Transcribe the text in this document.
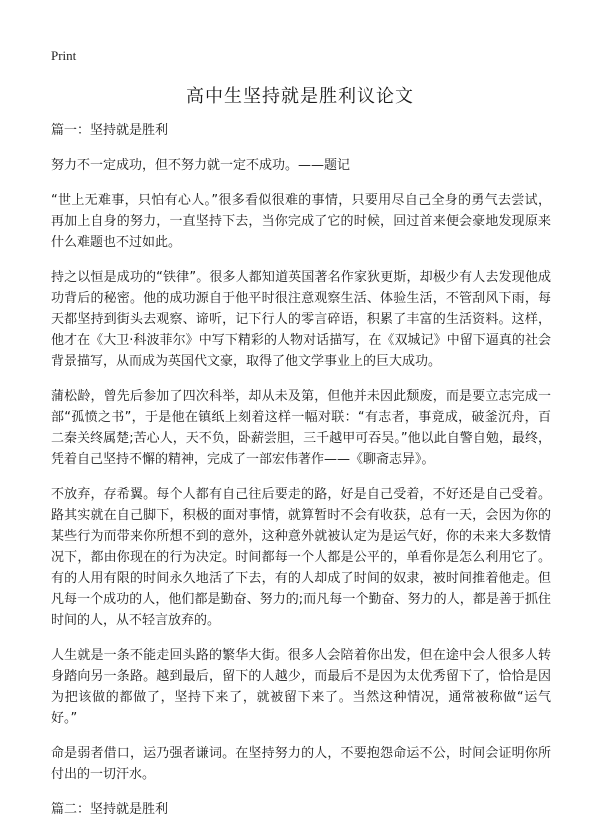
Print
高中生坚持就是胜利议论文

篇一：坚持就是胜利

努力不一定成功，但不努力就一定不成功。——题记

“世上无难事，只怕有心人。”很多看似很难的事情，只要用尽自己全身的勇气去尝试，再加上自身的努力，一直坚持下去，当你完成了它的时候，回过首来便会豪地发现原来什么难题也不过如此。

持之以恒是成功的“铁律”。很多人都知道英国著名作家狄更斯，却极少有人去发现他成功背后的秘密。他的成功源自于他平时很注意观察生活、体验生活，不管刮风下雨，每天都坚持到街头去观察、谛听，记下行人的零言碎语，积累了丰富的生活资料。这样，他才在《大卫·科波菲尔》中写下精彩的人物对话描写，在《双城记》中留下逼真的社会背景描写，从而成为英国代文豪，取得了他文学事业上的巨大成功。

蒲松龄，曾先后参加了四次科举，却从未及第，但他并未因此颓废，而是要立志完成一部“孤愤之书”，于是他在镇纸上刻着这样一幅对联：“有志者，事竟成，破釜沉舟，百二秦关终属楚;苦心人，天不负，卧薪尝胆，三千越甲可吞吴。”他以此自警自勉，最终，凭着自己坚持不懈的精神，完成了一部宏伟著作——《聊斋志异》。

不放弃，存希翼。每个人都有自己往后要走的路，好是自己受着，不好还是自己受着。路其实就在自己脚下，积极的面对事情，就算暂时不会有收获，总有一天，会因为你的某些行为而带来你所想不到的意外，这种意外就被认定为是运气好，你的未来大多数情况下，都由你现在的行为决定。时间都每一个人都是公平的，单看你是怎么利用它了。有的人用有限的时间永久地活了下去，有的人却成了时间的奴隶，被时间推着他走。但凡每一个成功的人，他们都是勤奋、努力的;而凡每一个勤奋、努力的人，都是善于抓住时间的人，从不轻言放弃的。

人生就是一条不能走回头路的繁华大街。很多人会陪着你出发，但在途中会人很多人转身踏向另一条路。越到最后，留下的人越少，而最后不是因为太优秀留下了，恰恰是因为把该做的都做了，坚持下来了，就被留下来了。当然这种情况，通常被称做“运气好。”

命是弱者借口，运乃强者谦词。在坚持努力的人，不要抱怨命运不公，时间会证明你所付出的一切汗水。

篇二：坚持就是胜利
